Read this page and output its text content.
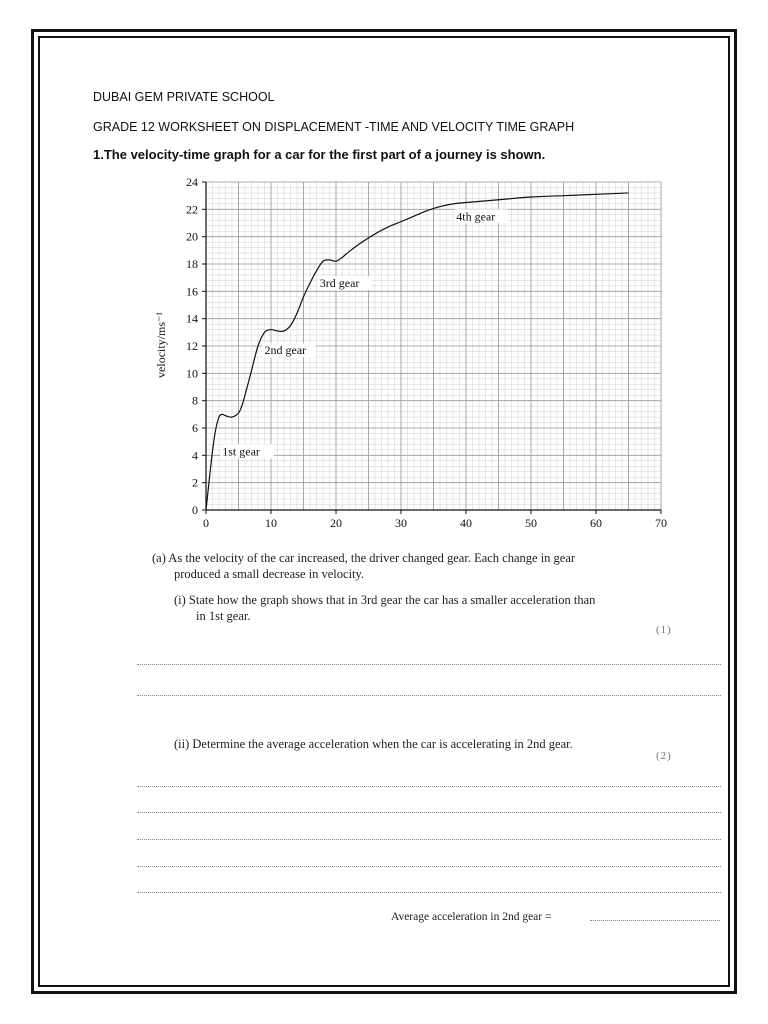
DUBAI GEM PRIVATE SCHOOL
GRADE 12 WORKSHEET ON DISPLACEMENT -TIME AND VELOCITY TIME GRAPH
1.The velocity-time graph for a car for the first part of a journey is shown.
0	10	20	30	40	50	60	70
0
2
4
6
8
10
12
14
16
18
20
22
24
1st gear
2nd gear
3rd gear
4th gear
velocity/ms⁻¹
(a) As the velocity of the car increased, the driver changed gear. Each change in gear
produced a small decrease in velocity.
(i) State how the graph shows that in 3rd gear the car has a smaller acceleration than
in 1st gear.
(1)
(ii) Determine the average acceleration when the car is accelerating in 2nd gear.
(2)
Average acceleration in 2nd gear =
